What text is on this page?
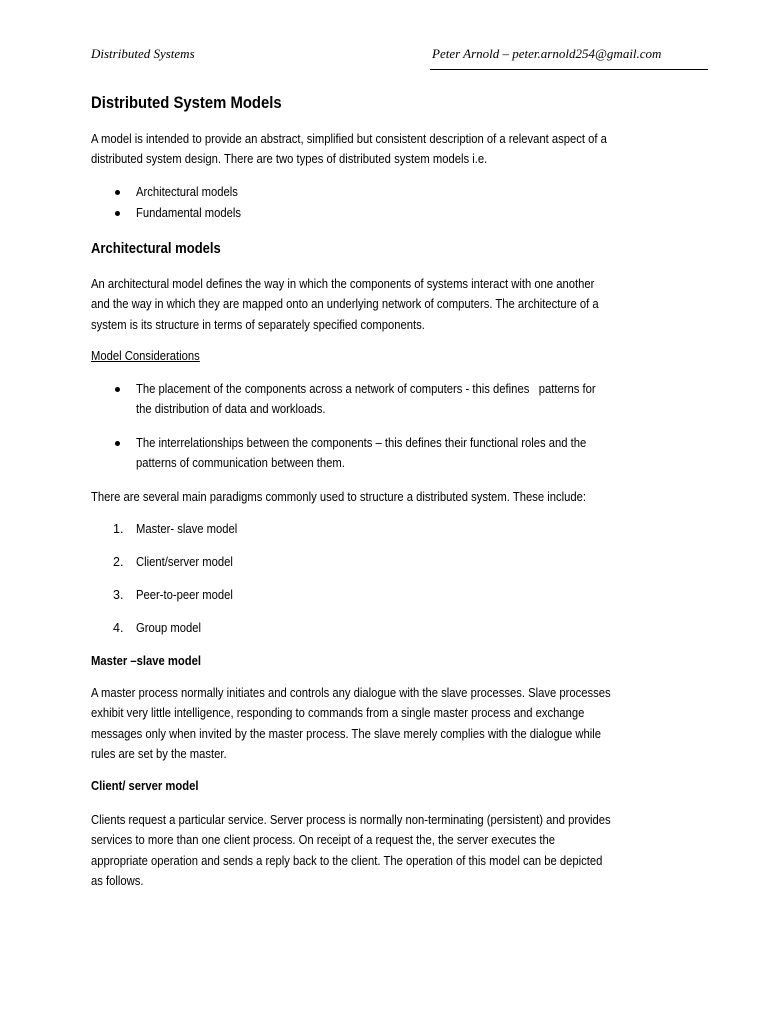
Distributed Systems	Peter Arnold – peter.arnold254@gmail.com
Distributed System Models
A model is intended to provide an abstract, simplified but consistent description of a relevant aspect of a
distributed system design. There are two types of distributed system models i.e.
Architectural models
Fundamental models
Architectural models
An architectural model defines the way in which the components of systems interact with one another
and the way in which they are mapped onto an underlying network of computers. The architecture of a
system is its structure in terms of separately specified components.
Model Considerations
The placement of the components across a network of computers - this defines   patterns for
the distribution of data and workloads.
The interrelationships between the components – this defines their functional roles and the
patterns of communication between them.
There are several main paradigms commonly used to structure a distributed system. These include:
1. Master- slave model
2. Client/server model
3. Peer-to-peer model
4. Group model
Master –slave model
A master process normally initiates and controls any dialogue with the slave processes. Slave processes
exhibit very little intelligence, responding to commands from a single master process and exchange
messages only when invited by the master process. The slave merely complies with the dialogue while
rules are set by the master.
Client/ server model
Clients request a particular service. Server process is normally non-terminating (persistent) and provides
services to more than one client process. On receipt of a request the, the server executes the
appropriate operation and sends a reply back to the client. The operation of this model can be depicted
as follows.
